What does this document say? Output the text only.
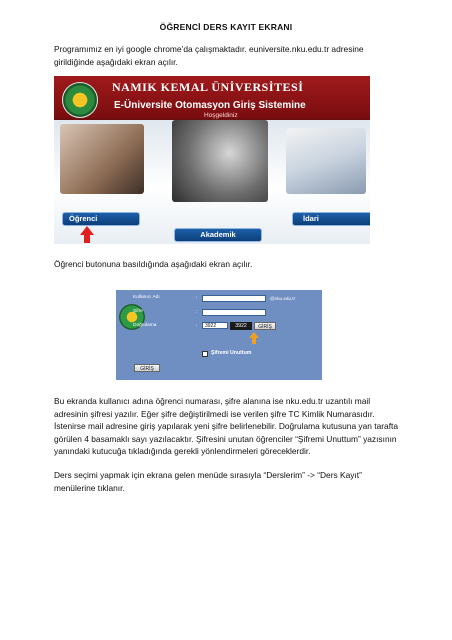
ÖĞRENCİ DERS KAYIT EKRANI
Programımız en iyi google chrome’da çalışmaktadır. euniversite.nku.edu.tr adresine girildiğinde aşağıdaki ekran açılır.
NAMIK KEMAL ÜNİVERSİTESİ
E-Üniversite Otomasyon Giriş Sistemine
Hoşgeldiniz
Öğrenci
Akademik
İdari
Öğrenci butonuna basıldığında aşağıdaki ekran açılır.
Kullanıcı Adı	:	@nku.edu.tr
Şifre	:
Doğrulama	:	3922	3922	GİRİŞ
Şifremi Unuttum
GİRİŞ
Bu ekranda kullanıcı adına öğrenci numarası, şifre alanına ise nku.edu.tr uzantılı mail adresinin şifresi yazılır. Eğer şifre değiştirilmedi ise verilen şifre TC Kimlik Numarasıdır. İstenirse mail adresine giriş yapılarak yeni şifre belirlenebilir. Doğrulama kutusuna yan tarafta görülen 4 basamaklı sayı yazılacaktır. Şifresini unutan öğrenciler “Şifremi Unuttum” yazısının yanındaki kutucuğa tıkladığında gerekli yönlendirmeleri göreceklerdir.
Ders seçimi yapmak için ekrana gelen menüde sırasıyla “Derslerim” -> “Ders Kayıt” menülerine tıklanır.
